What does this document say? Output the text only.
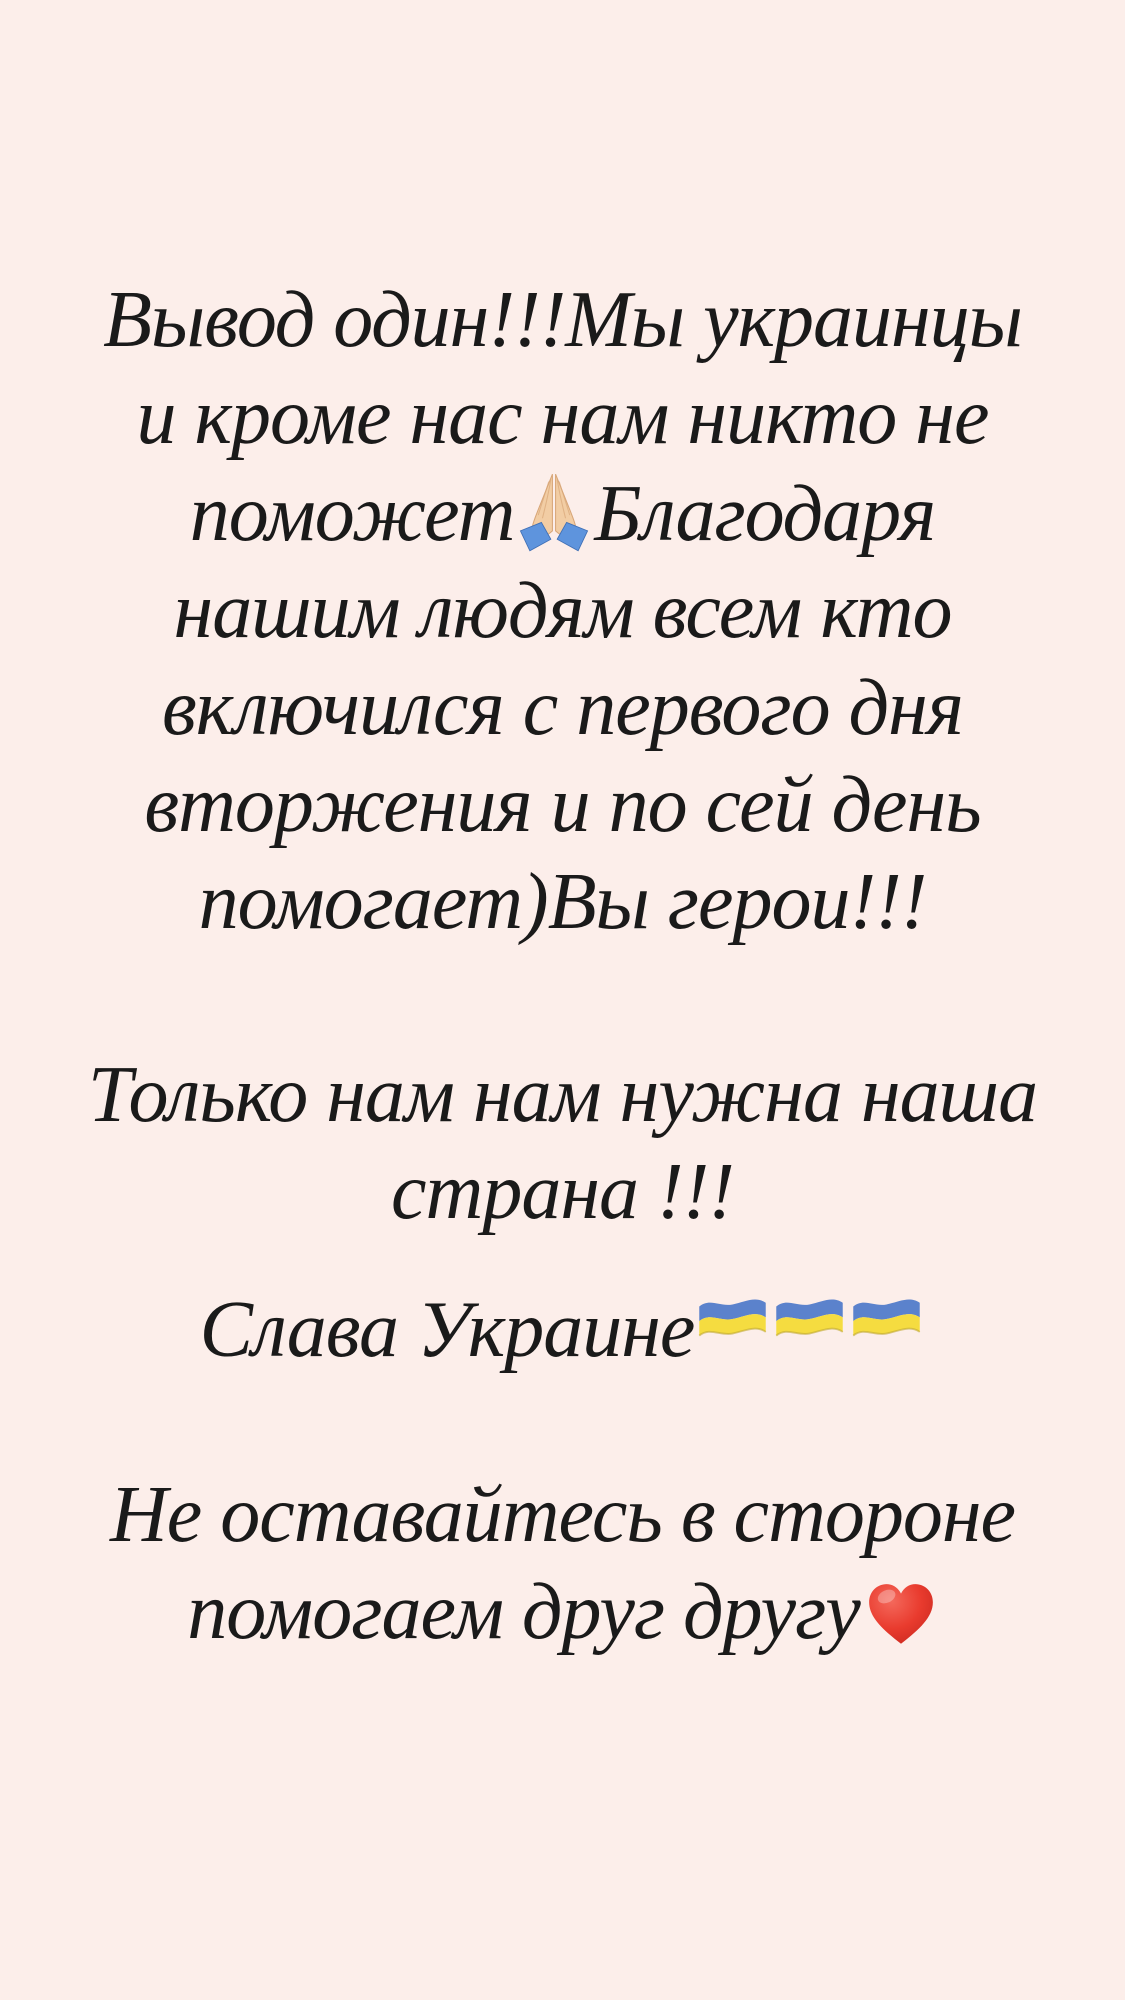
Вывод один!!!Мы украинцы
и кроме нас нам никто не
поможет Благодаря
нашим людям всем кто
включился с первого дня
вторжения и по сей день
помогает)Вы герои!!!
Только нам нам нужна наша
страна !!!
Слава Украине
Не оставайтесь в стороне
помогаем друг другу
